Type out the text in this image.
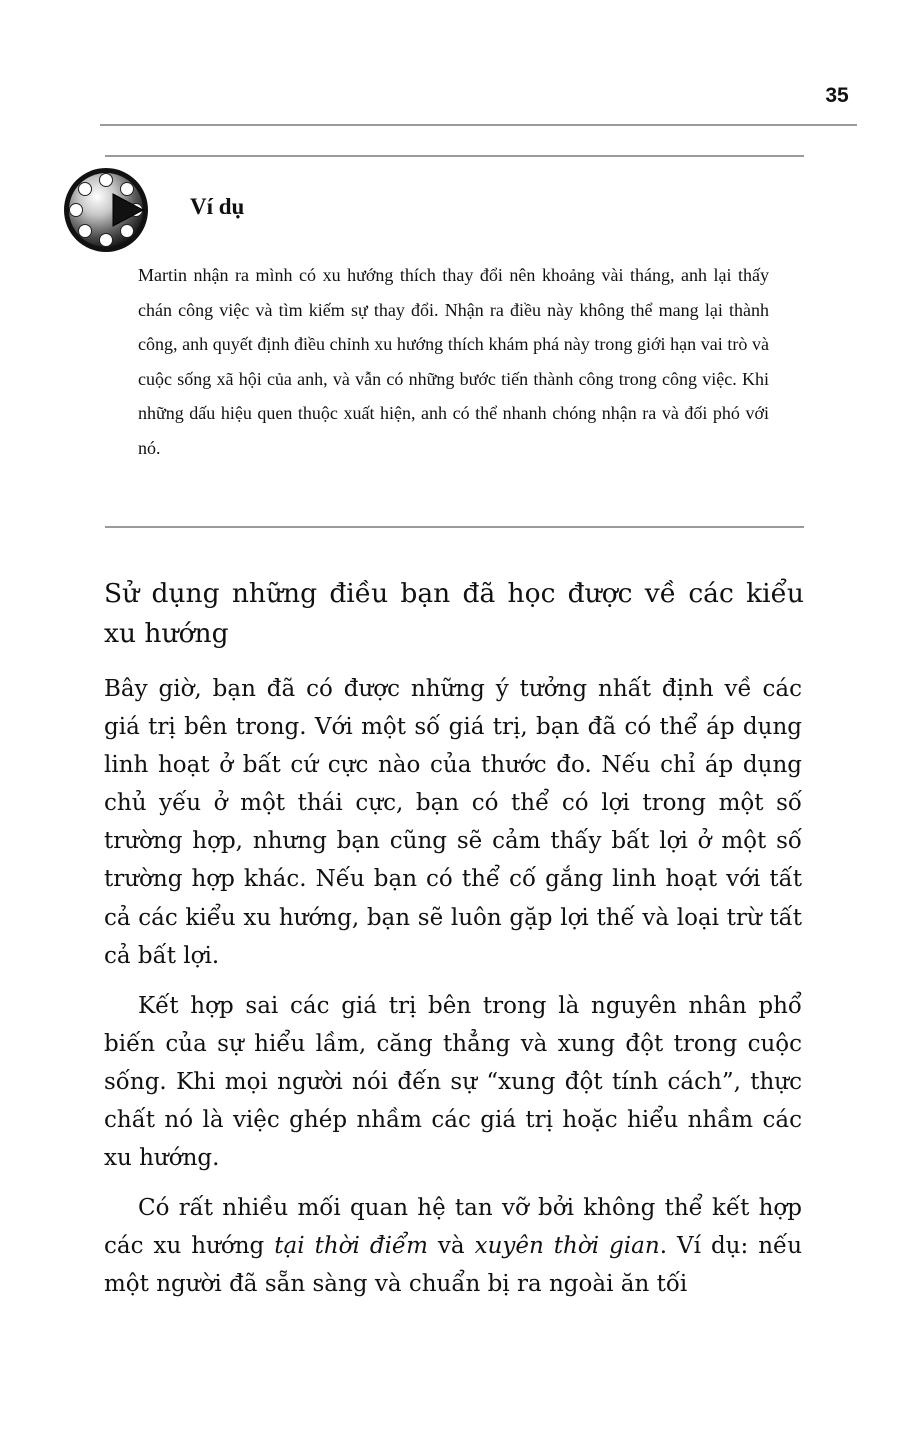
35
Ví dụ

Martin nhận ra mình có xu hướng thích thay đổi nên khoảng vài tháng, anh lại thấy chán công việc và tìm kiếm sự thay đổi. Nhận ra điều này không thể mang lại thành công, anh quyết định điều chỉnh xu hướng thích khám phá này trong giới hạn vai trò và cuộc sống xã hội của anh, và vẫn có những bước tiến thành công trong công việc. Khi những dấu hiệu quen thuộc xuất hiện, anh có thể nhanh chóng nhận ra và đối phó với nó.

Sử dụng những điều bạn đã học được về các kiểu xu hướng

Bây giờ, bạn đã có được những ý tưởng nhất định về các giá trị bên trong. Với một số giá trị, bạn đã có thể áp dụng linh hoạt ở bất cứ cực nào của thước đo. Nếu chỉ áp dụng chủ yếu ở một thái cực, bạn có thể có lợi trong một số trường hợp, nhưng bạn cũng sẽ cảm thấy bất lợi ở một số trường hợp khác. Nếu bạn có thể cố gắng linh hoạt với tất cả các kiểu xu hướng, bạn sẽ luôn gặp lợi thế và loại trừ tất cả bất lợi.

Kết hợp sai các giá trị bên trong là nguyên nhân phổ biến của sự hiểu lầm, căng thẳng và xung đột trong cuộc sống. Khi mọi người nói đến sự “xung đột tính cách”, thực chất nó là việc ghép nhầm các giá trị hoặc hiểu nhầm các xu hướng.

Có rất nhiều mối quan hệ tan vỡ bởi không thể kết hợp các xu hướng tại thời điểm và xuyên thời gian. Ví dụ: nếu một người đã sẵn sàng và chuẩn bị ra ngoài ăn tối
